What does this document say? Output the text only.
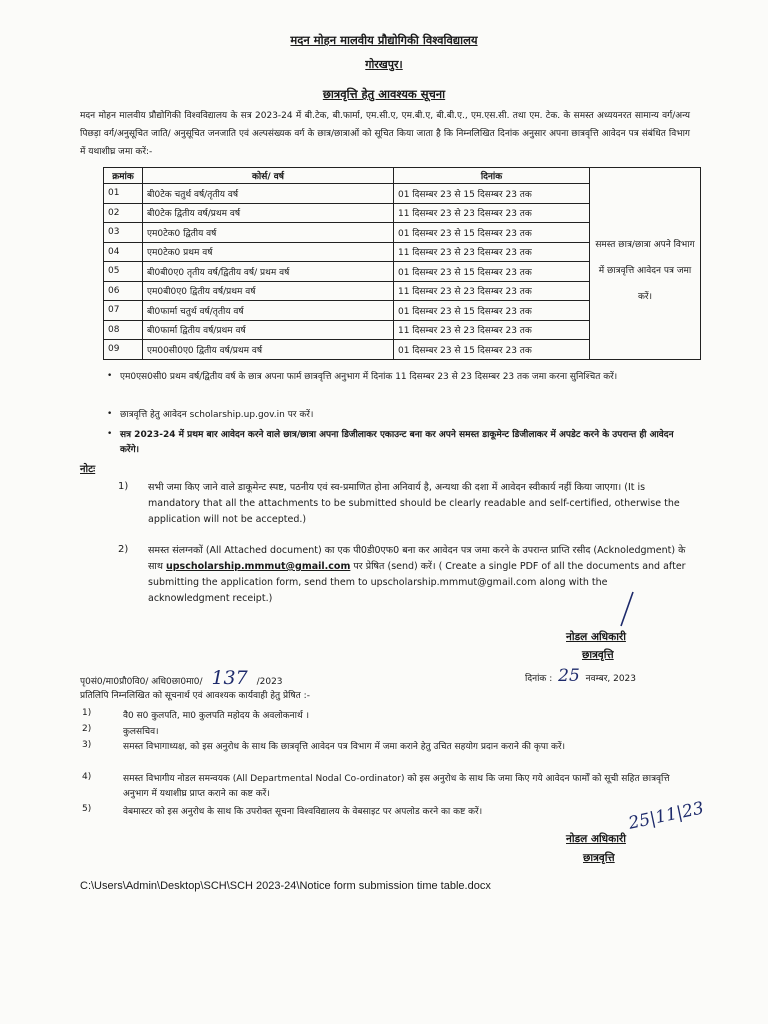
मदन मोहन मालवीय प्रौद्योगिकी विश्वविद्यालय
गोरखपुर।
छात्रवृत्ति हेतु आवश्यक सूचना
मदन मोहन मालवीय प्रौद्योगिकी विश्वविद्यालय के सत्र 2023-24 में बी.टेक, बी.फार्मा, एम.सी.ए, एम.बी.ए, बी.बी.ए., एम.एस.सी. तथा एम. टेक. के समस्त अध्ययनरत सामान्य वर्ग/अन्य पिछड़ा वर्ग/अनुसूचित जाति/ अनुसूचित जनजाति एवं अल्पसंख्यक वर्ग के छात्र/छात्राओं को सूचित किया जाता है कि निम्नलिखित दिनांक अनुसार अपना छात्रवृत्ति आवेदन पत्र संबंधित विभाग में यथाशीघ्र जमा करें:-
क्रमांक	कोर्स/ वर्ष	दिनांक	
01	बी0टेक चतुर्थ वर्ष/तृतीय वर्ष	01 दिसम्बर 23 से 15 दिसम्बर 23 तक	समस्त छात्र/छात्रा अपने विभाग में छात्रवृत्ति आवेदन पत्र जमा करें।
02	बी0टेक द्वितीय वर्ष/प्रथम वर्ष	11 दिसम्बर 23 से 23 दिसम्बर 23 तक	
03	एम0टेक0 द्वितीय वर्ष	01 दिसम्बर 23 से 15 दिसम्बर 23 तक	
04	एम0टेक0 प्रथम वर्ष	11 दिसम्बर 23 से 23 दिसम्बर 23 तक	
05	बी0बी0ए0 तृतीय वर्ष/द्वितीय वर्ष/ प्रथम वर्ष	01 दिसम्बर 23 से 15 दिसम्बर 23 तक	
06	एम0बी0ए0 द्वितीय वर्ष/प्रथम वर्ष	11 दिसम्बर 23 से 23 दिसम्बर 23 तक	
07	बी0फार्मा चतुर्थ वर्ष/तृतीय वर्ष	01 दिसम्बर 23 से 15 दिसम्बर 23 तक	
08	बी0फार्मा द्वितीय वर्ष/प्रथम वर्ष	11 दिसम्बर 23 से 23 दिसम्बर 23 तक	
09	एम00सी0ए0 द्वितीय वर्ष/प्रथम वर्ष	01 दिसम्बर 23 से 15 दिसम्बर 23 तक	
• एम0एस0सी0 प्रथम वर्ष/द्वितीय वर्ष के छात्र अपना फार्म छात्रवृत्ति अनुभाग में दिनांक 11 दिसम्बर 23 से 23 दिसम्बर 23 तक जमा करना सुनिश्चित करें।
• छात्रवृत्ति हेतु आवेदन scholarship.up.gov.in पर करें।
• सत्र 2023-24 में प्रथम बार आवेदन करने वाले छात्र/छात्रा अपना डिजीलाकर एकाउन्ट बना कर अपने समस्त डाकूमेन्ट डिजीलाकर में अपडेट करने के उपरान्त ही आवेदन करेंगे।
नोटः
1) सभी जमा किए जाने वाले डाकूमेन्ट स्पष्ट, पठनीय एवं स्व-प्रमाणित होना अनिवार्य है, अन्यथा की दशा में आवेदन स्वीकार्य नहीं किया जाएगा। (It is mandatory that all the attachments to be submitted should be clearly readable and self-certified, otherwise the application will not be accepted.)
2) समस्त संलग्नकों (All Attached document) का एक पी0डी0एफ0 बना कर आवेदन पत्र जमा करने के उपरान्त प्राप्ति रसीद (Acknoledgment) के साथ upscholarship.mmmut@gmail.com पर प्रेषित (send) करें। ( Create a single PDF of all the documents and after submitting the application form, send them to upscholarship.mmmut@gmail.com along with the acknowledgment receipt.)
नोडल अधिकारी
छात्रवृत्ति
पृ0सं0/मा0प्रौ0वि0/ अधि0छा0मा0/ 137 /2023	दिनांक : 25 नवम्बर, 2023
प्रतिलिपि निम्नलिखित को सूचनार्थ एवं आवश्यक कार्यवाही हेतु प्रेषित :-
1)	वै0 स0 कुलपति, मा0 कुलपति महोदय के अवलोकनार्थ ।
2)	कुलसचिव।
3)	समस्त विभागाध्यक्ष, को इस अनुरोध के साथ कि छात्रवृत्ति आवेदन पत्र विभाग में जमा कराने हेतु उचित सहयोग प्रदान कराने की कृपा करें।
4)	समस्त विभागीय नोडल समन्वयक (All Departmental Nodal Co-ordinator) को इस अनुरोध के साथ कि जमा किए गये आवेदन फार्मों को सूची सहित छात्रवृत्ति अनुभाग में यथाशीघ्र प्राप्त कराने का कष्ट करें।
5)	वेबमास्टर को इस अनुरोध के साथ कि उपरोक्त सूचना विश्वविद्यालय के वेबसाइट पर अपलोड करने का कष्ट करें।	25|11|23
नोडल अधिकारी
छात्रवृत्ति
C:\Users\Admin\Desktop\SCH\SCH 2023-24\Notice form submission time table.docx
